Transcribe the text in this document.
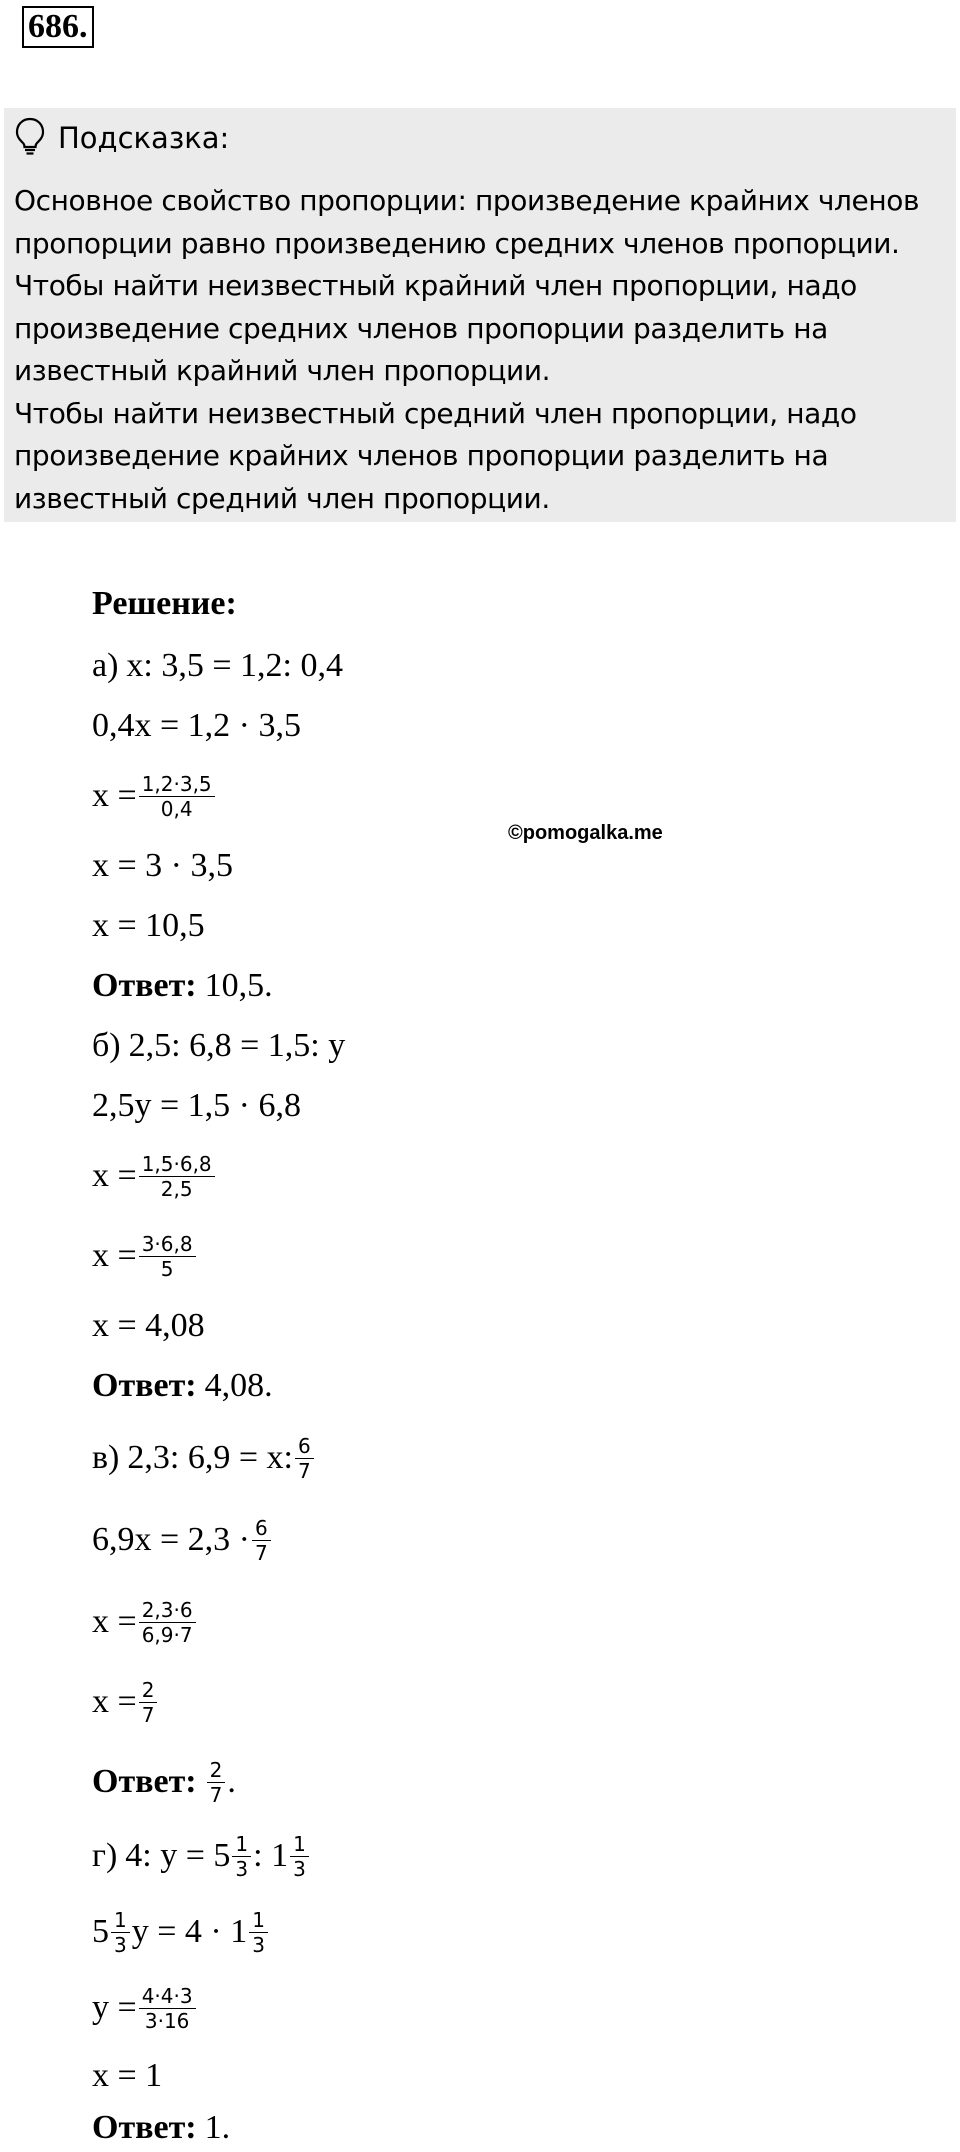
686.
Подсказка:
Основное свойство пропорции: произведение крайних членов
пропорции равно произведению средних членов пропорции.
Чтобы найти неизвестный крайний член пропорции, надо
произведение средних членов пропорции разделить на
известный крайний член пропорции.
Чтобы найти неизвестный средний член пропорции, надо
произведение крайних членов пропорции разделить на
известный средний член пропорции.
©pomogalka.me
Решение:
а) x: 3,5 = 1,2: 0,4
0,4x = 1,2 · 3,5
$x = \frac{1,2\cdot 3,5}{0,4}$
x = 3 · 3,5
x = 10,5
Ответ: 10,5.
б) 2,5: 6,8 = 1,5: y
2,5y = 1,5 · 6,8
$x = \frac{1,5\cdot 6,8}{2,5}$
$x = \frac{3\cdot 6,8}{5}$
x = 4,08
Ответ: 4,08.
в) 2,3: 6,9 = x: $\frac{6}{7}$
$6,9x = 2,3 \cdot \frac{6}{7}$
$x = \frac{2,3\cdot 6}{6,9\cdot 7}$
$x = \frac{2}{7}$
Ответ: $\frac{2}{7}$ .
г) 4: $y = 5 \frac{1}{3}$ : $1 \frac{1}{3}$
$5 \frac{1}{3}$ $y = 4 \cdot 1 \frac{1}{3}$
$y = \frac{4\cdot 4\cdot 3}{3\cdot 16}$
x = 1
Ответ: 1.
